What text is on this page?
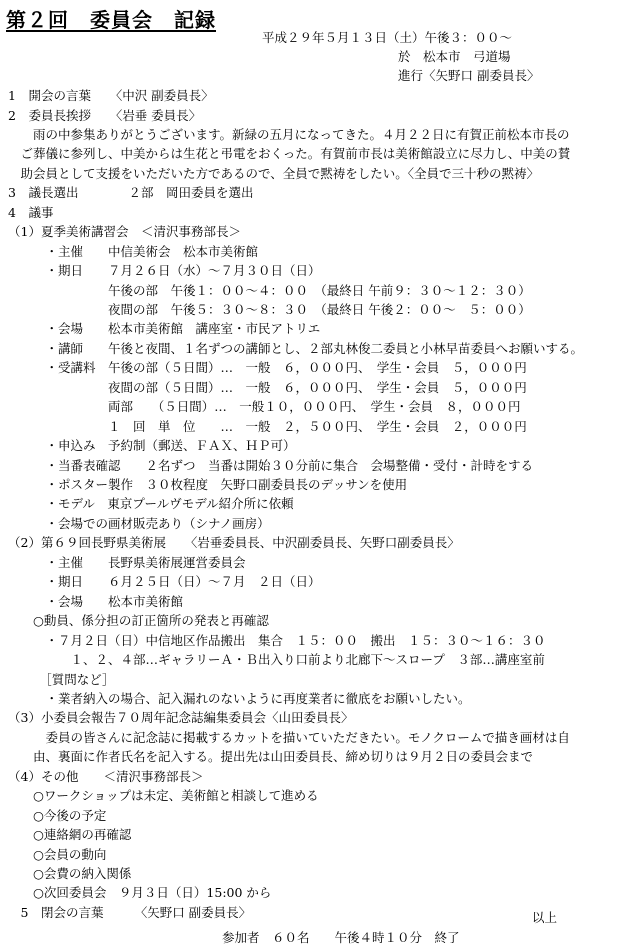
第２回　委員会　記録
平成２９年５月１３日（土）午後３：００～
於　松本市　弓道場
進行〈矢野口 副委員長〉
1　開会の言葉　　〈中沢 副委員長〉
2　委員長挨拶　　〈岩垂 委員長〉
　　雨の中参集ありがとうございます。新緑の五月になってきた。４月２２日に有賀正前松本市長の
　ご葬儀に参列し、中美からは生花と弔電をおくった。有賀前市長は美術館設立に尽力し、中美の賛
　助会員として支援をいただいた方であるので、全員で黙祷をしたい。〈全員で三十秒の黙祷〉
3　議長選出　　　　２部　岡田委員を選出
4　議事
（1）夏季美術講習会　＜清沢事務部長＞
　　　・主催　　中信美術会　松本市美術館
　　　・期日　　７月２６日（水）～７月３０日（日）
　　　　　　　　午後の部　午後１：００～４：００　（最終日 午前９：３０～１２：３０）
　　　　　　　　夜間の部　午後５：３０～８：３０　（最終日 午後２：００～　５：００）
　　　・会場　　松本市美術館　講座室・市民アトリエ
　　　・講師　　午後と夜間、１名ずつの講師とし、２部丸林俊二委員と小林早苗委員へお願いする。
　　　・受講料　午後の部（５日間）…　一般　６，０００円、　学生・会員　５，０００円
　　　　　　　　夜間の部（５日間）…　一般　６，０００円、　学生・会員　５，０００円
　　　　　　　　両部　　（５日間）…　一般１０，０００円、　学生・会員　８，０００円
　　　　　　　　１　回　単　位　　…　一般　２，５００円、　学生・会員　２，０００円
　　　・申込み　予約制（郵送、ＦＡＸ、ＨＰ可）
　　　・当番表確認　　２名ずつ　当番は開始３０分前に集合　会場整備・受付・計時をする
　　　・ポスター製作　３０枚程度　矢野口副委員長のデッサンを使用
　　　・モデル　東京プールヴモデル紹介所に依頼
　　　・会場での画材販売あり（シナノ画房）
（2）第６９回長野県美術展　　〈岩垂委員長、中沢副委員長、矢野口副委員長〉
　　　・主催　　長野県美術展運営委員会
　　　・期日　　６月２５日（日）～７月　２日（日）
　　　・会場　　松本市美術館
　　○動員、係分担の訂正箇所の発表と再確認
　　　・７月２日（日）中信地区作品搬出　集合　１５：００　搬出　１５：３０～１６：３０
　　　　　１、２、４部…ギャラリーＡ・Ｂ出入り口前より北廊下～スロープ　３部…講座室前
　　　［質問など］
　　　・業者納入の場合、記入漏れのないように再度業者に徹底をお願いしたい。
（3）小委員会報告７０周年記念誌編集委員会〈山田委員長〉
　　　委員の皆さんに記念誌に掲載するカットを描いていただきたい。モノクロームで描き画材は自
　　由、裏面に作者氏名を記入する。提出先は山田委員長、締め切りは９月２日の委員会まで
（4）その他　　＜清沢事務部長＞
　　○ワークショップは未定、美術館と相談して進める
　　○今後の予定
　　○連絡網の再確認
　　○会員の動向
　　○会費の納入関係
　　○次回委員会　９月３日（日）15:00 から
　5　閉会の言葉　　　〈矢野口 副委員長〉	以上
参加者　６０名　　午後４時１０分　終了
